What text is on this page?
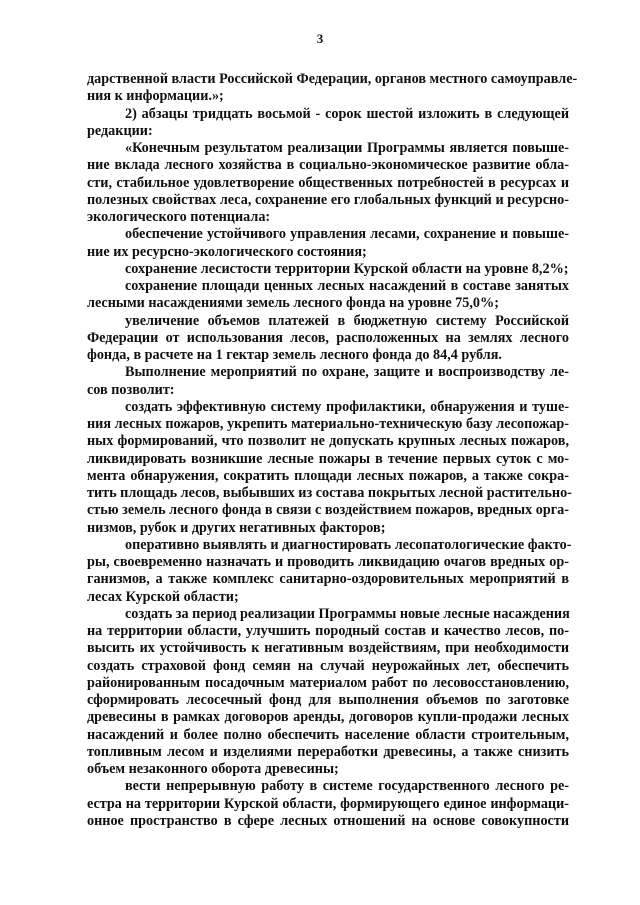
3
дарственной власти Российской Федерации, органов местного самоуправле-
ния к информации.»;
2) абзацы тридцать восьмой - сорок шестой изложить в следующей
редакции:
«Конечным результатом реализации Программы является повыше-
ние вклада лесного хозяйства в социально-экономическое развитие обла-
сти, стабильное удовлетворение общественных потребностей в ресурсах и
полезных свойствах леса, сохранение его глобальных функций и ресурсно-
экологического потенциала:
обеспечение устойчивого управления лесами, сохранение и повыше-
ние их ресурсно-экологического состояния;
сохранение лесистости территории Курской области на уровне 8,2%;
сохранение площади ценных лесных насаждений в составе занятых
лесными насаждениями земель лесного фонда на уровне 75,0%;
увеличение объемов платежей в бюджетную систему Российской
Федерации от использования лесов, расположенных на землях лесного
фонда, в расчете на 1 гектар земель лесного фонда до 84,4 рубля.
Выполнение мероприятий по охране, защите и воспроизводству ле-
сов позволит:
создать эффективную систему профилактики, обнаружения и туше-
ния лесных пожаров, укрепить материально-техническую базу лесопожар-
ных формирований, что позволит не допускать крупных лесных пожаров,
ликвидировать возникшие лесные пожары в течение первых суток с мо-
мента обнаружения, сократить площади лесных пожаров, а также сокра-
тить площадь лесов, выбывших из состава покрытых лесной растительно-
стью земель лесного фонда в связи с воздействием пожаров, вредных орга-
низмов, рубок и других негативных факторов;
оперативно выявлять и диагностировать лесопатологические факто-
ры, своевременно назначать и проводить ликвидацию очагов вредных ор-
ганизмов, а также комплекс санитарно-оздоровительных мероприятий в
лесах Курской области;
создать за период реализации Программы новые лесные насаждения
на территории области, улучшить породный состав и качество лесов, по-
высить их устойчивость к негативным воздействиям, при необходимости
создать страховой фонд семян на случай неурожайных лет, обеспечить
районированным посадочным материалом работ по лесовосстановлению,
сформировать лесосечный фонд для выполнения объемов по заготовке
древесины в рамках договоров аренды, договоров купли-продажи лесных
насаждений и более полно обеспечить население области строительным,
топливным лесом и изделиями переработки древесины, а также снизить
объем незаконного оборота древесины;
вести непрерывную работу в системе государственного лесного ре-
естра на территории Курской области, формирующего единое информаци-
онное пространство в сфере лесных отношений на основе совокупности
